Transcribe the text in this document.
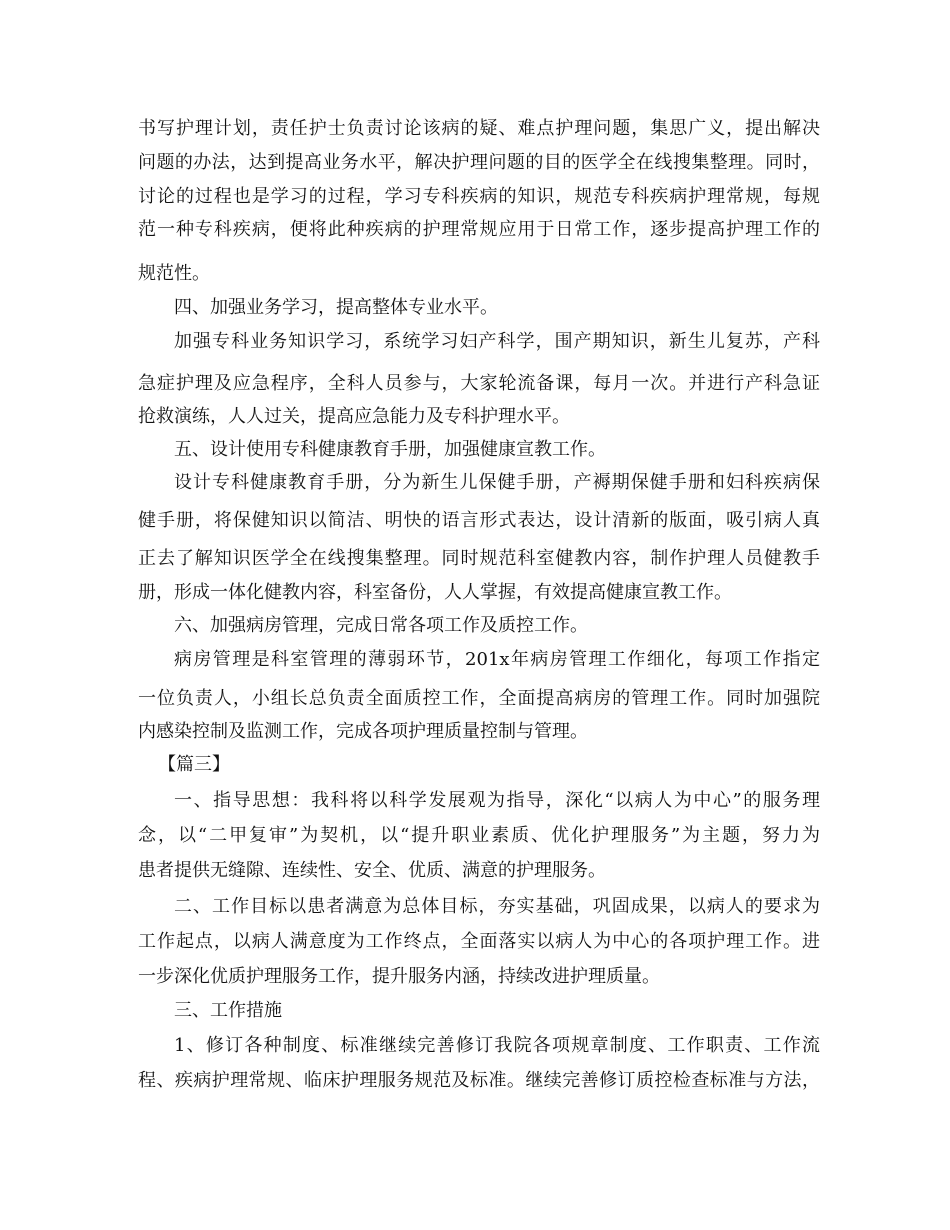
书写护理计划，责任护士负责讨论该病的疑、难点护理问题，集思广义，提出解决
问题的办法，达到提高业务水平，解决护理问题的目的医学全在线搜集整理。同时，
讨论的过程也是学习的过程，学习专科疾病的知识，规范专科疾病护理常规，每规
范一种专科疾病，便将此种疾病的护理常规应用于日常工作，逐步提高护理工作的
规范性。
四、加强业务学习，提高整体专业水平。
加强专科业务知识学习，系统学习妇产科学，围产期知识，新生儿复苏，产科
急症护理及应急程序，全科人员参与，大家轮流备课，每月一次。并进行产科急证
抢救演练，人人过关，提高应急能力及专科护理水平。
五、设计使用专科健康教育手册，加强健康宣教工作。
设计专科健康教育手册，分为新生儿保健手册，产褥期保健手册和妇科疾病保
健手册，将保健知识以简洁、明快的语言形式表达，设计清新的版面，吸引病人真
正去了解知识医学全在线搜集整理。同时规范科室健教内容，制作护理人员健教手
册，形成一体化健教内容，科室备份，人人掌握，有效提高健康宣教工作。
六、加强病房管理，完成日常各项工作及质控工作。
病房管理是科室管理的薄弱环节，201x年病房管理工作细化，每项工作指定
一位负责人，小组长总负责全面质控工作，全面提高病房的管理工作。同时加强院
内感染控制及监测工作，完成各项护理质量控制与管理。
【篇三】
一、指导思想：我科将以科学发展观为指导，深化“以病人为中心”的服务理
念，以“二甲复审”为契机，以“提升职业素质、优化护理服务”为主题，努力为
患者提供无缝隙、连续性、安全、优质、满意的护理服务。
二、工作目标以患者满意为总体目标，夯实基础，巩固成果，以病人的要求为
工作起点，以病人满意度为工作终点，全面落实以病人为中心的各项护理工作。进
一步深化优质护理服务工作，提升服务内涵，持续改进护理质量。
三、工作措施
1、修订各种制度、标准继续完善修订我院各项规章制度、工作职责、工作流
程、疾病护理常规、临床护理服务规范及标准。继续完善修订质控检查标准与方法，
